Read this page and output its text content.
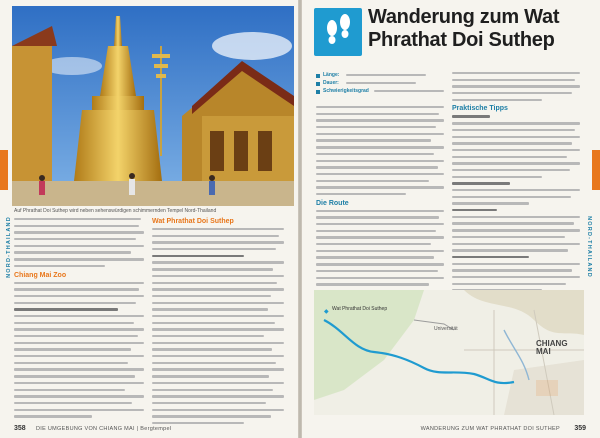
Auf Phrathat Doi Suthep wird neben sehenswürdigen schimmernden Tempel Nord-Thailand
NORD-THAILAND Chiang Mai Zoo
Wat Phrathat Doi Suthep
358 DIE UMGEBUNG VON CHIANG MAI | Bergtempel
Wanderung zum Wat
Phrathat Doi Suthep
Länge:
Dauer:
Schwierigkeitsgrad
Die Route
Praktische Tipps
NORD-THAILAND
◆ Wat Phrathat Doi Suthep
Universität
CHIANG
MAI
WANDERUNG ZUM WAT PHRATHAT DOI SUTHEP 359
